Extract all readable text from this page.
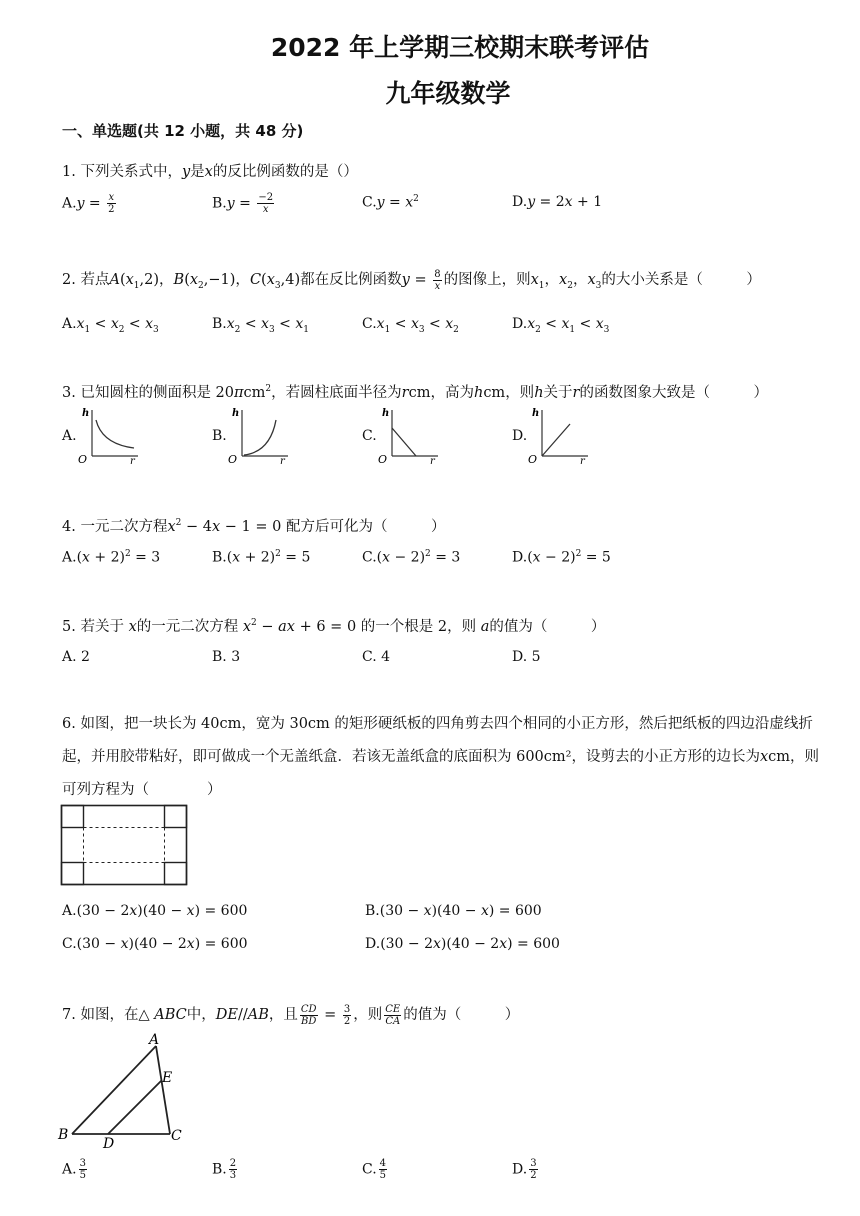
2022 年上学期三校期末联考评估
九年级数学
一、单选题(共 12 小题，共 48 分)
1. 下列关系式中，y是x的反比例函数的是（）
$A.y = \frac{x}{2}$	$B.y = \frac{-2}{x}$	$C.y = x^2$	D.y = 2x + 1
2. 若点$A(x_1,2)$，$B(x_2,-1)$，$C(x_3,4)$都在反比例函数$y = \frac{8}{x}$ 的图像上，则$x_1$，$x_2$，$x_3$的大小关系是（　　　）
$A.x_1 < x_2 < x_3$	$B.x_2 < x_3 < x_1$	$C.x_1 < x_3 < x_2$	$D.x_2 < x_1 < x_3$
3. 已知圆柱的侧面积是 20πcm$^2$，若圆柱底面半径为rcm，高为hcm，则h关于r的函数图象大致是（　　　）
A.	B.	C.	D.
h
O	r
h
O	r
h
O	r
h
O	r
4. 一元二次方程$x^2 - 4x - 1 = 0$ 配方后可化为（　　　）
$A.(x + 2)^2 = 3$	$B.(x + 2)^2 = 5$	$C.(x - 2)^2 = 3$	$D.(x - 2)^2 = 5$
5. 若关于 x的一元二次方程 $x^2$ − ax + 6 = 0 的一个根是 2，则 a的值为（　　　）
A. 2	B. 3	C. 4	D. 5
6. 如图，把一块长为 40cm，宽为 30cm 的矩形硬纸板的四角剪去四个相同的小正方形，然后把纸板的四边沿虚线折起，并用胶带粘好，即可做成一个无盖纸盒．若该无盖纸盒的底面积为 600cm²，设剪去的小正方形的边长为xcm，则可列方程为（　　　　）
A.(30 − 2x)(40 − x) = 600	B.(30 − x)(40 − x) = 600
C.(30 − x)(40 − 2x) = 600	D.(30 − 2x)(40 − 2x) = 600
7. 如图，在△ ABC中，DE//AB，且 $\frac{CD}{BD} = \frac{3}{2}$ ，则 $\frac{CE}{CA}$ 的值为（　　　）
A
B	C
D
E
A. $\frac{3}{5}$	B. $\frac{2}{3}$	C. $\frac{4}{5}$	D. $\frac{3}{2}$
